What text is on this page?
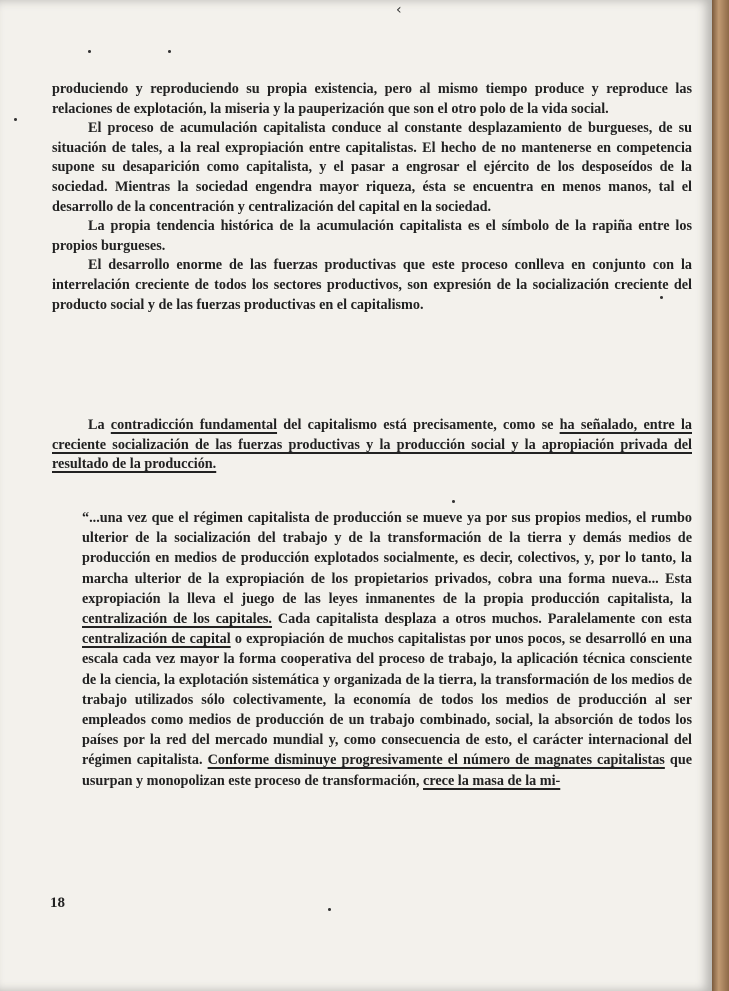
‹

produciendo y reproduciendo su propia existencia, pero al mismo tiempo produce y reproduce las relaciones de explotación, la miseria y la pauperización que son el otro polo de la vida social.

El proceso de acumulación capitalista conduce al constante desplazamiento de burgueses, de su situación de tales, a la real expropiación entre capitalistas. El hecho de no mantenerse en competencia supone su desaparición como capitalista, y el pasar a engrosar el ejército de los desposeídos de la sociedad. Mientras la sociedad engendra mayor riqueza, ésta se encuentra en menos manos, tal el desarrollo de la concentración y centralización del capital en la sociedad.

La propia tendencia histórica de la acumulación capitalista es el símbolo de la rapiña entre los propios burgueses.

El desarrollo enorme de las fuerzas productivas que este proceso conlleva en conjunto con la interrelación creciente de todos los sectores productivos, son expresión de la socialización creciente del producto social y de las fuerzas productivas en el capitalismo.

La contradicción fundamental del capitalismo está precisamente, como se ha señalado, entre la creciente socialización de las fuerzas productivas y la producción social y la apropiación privada del resultado de la producción.

“...una vez que el régimen capitalista de producción se mueve ya por sus propios medios, el rumbo ulterior de la socialización del trabajo y de la transformación de la tierra y demás medios de producción en medios de producción explotados socialmente, es decir, colectivos, y, por lo tanto, la marcha ulterior de la expropiación de los propietarios privados, cobra una forma nueva... Esta expropiación la lleva el juego de las leyes inmanentes de la propia producción capitalista, la centralización de los capitales. Cada capitalista desplaza a otros muchos. Paralelamente con esta centralización de capital o expropiación de muchos capitalistas por unos pocos, se desarrolló en una escala cada vez mayor la forma cooperativa del proceso de trabajo, la aplicación técnica consciente de la ciencia, la explotación sistemática y organizada de la tierra, la transformación de los medios de trabajo utilizados sólo colectivamente, la economía de todos los medios de producción al ser empleados como medios de producción de un trabajo combinado, social, la absorción de todos los países por la red del mercado mundial y, como consecuencia de esto, el carácter internacional del régimen capitalista. Conforme disminuye progresivamente el número de magnates capitalistas que usurpan y monopolizan este proceso de transformación, crece la masa de la mi-
18
